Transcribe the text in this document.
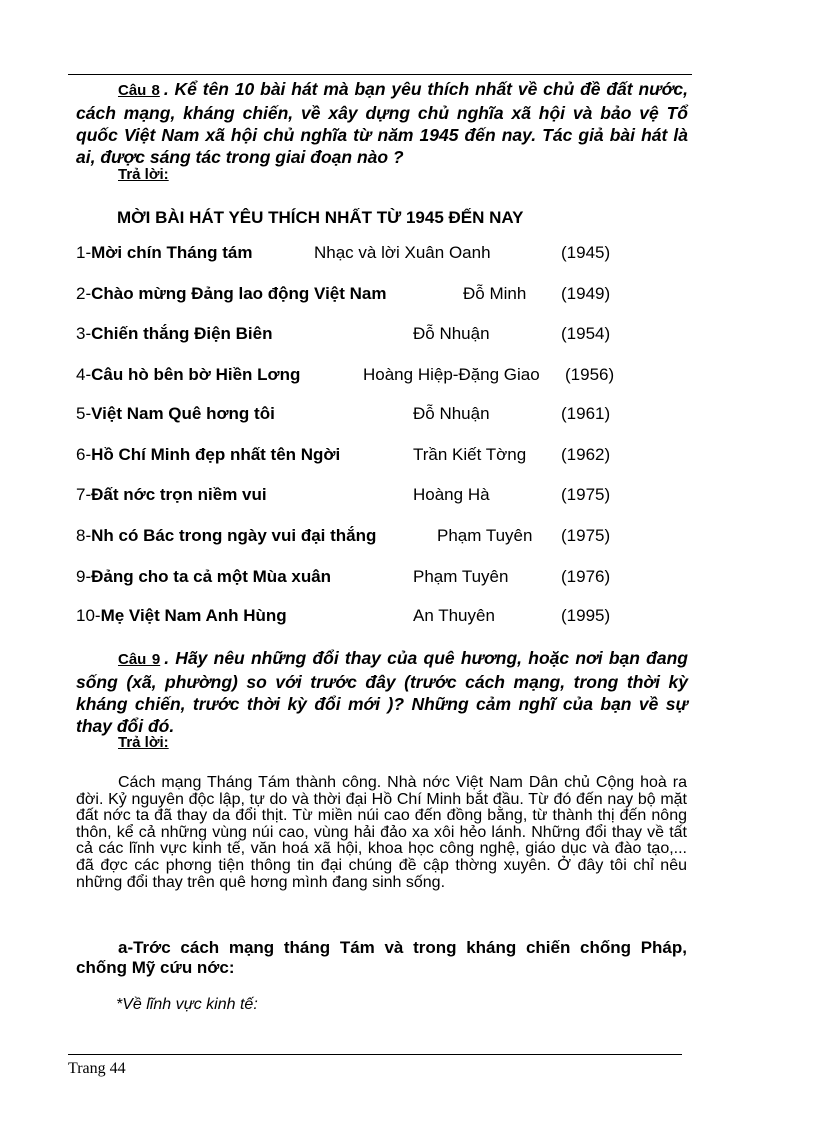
Câu 8 . Kể tên 10 bài hát mà bạn yêu thích nhất về chủ đề đất nước, cách mạng, kháng chiến, về xây dựng chủ nghĩa xã hội và bảo vệ Tổ quốc Việt Nam xã hội chủ nghĩa từ năm 1945 đến nay. Tác giả bài hát là ai, được sáng tác trong giai đoạn nào ?
Trả lời:
MỜI BÀI HÁT YÊU THÍCH NHẤT TỪ 1945 ĐẾN NAY
1-Mời chín Tháng tám	Nhạc và lời Xuân Oanh	(1945)
2-Chào mừng Đảng lao động Việt Nam	Đỗ Minh (1949)
3-Chiến thắng Điện Biên	Đỗ Nhuận	(1954)
4-Câu hò bên bờ Hiền Lơng	Hoàng Hiệp-Đặng Giao (1956)
5-Việt Nam Quê hơng tôi	Đỗ Nhuận	(1961)
6-Hồ Chí Minh đẹp nhất tên Ngời	Trần Kiết Tờng (1962)
7-Đất nớc trọn niềm vui	Hoàng Hà	(1975)
8-Nh có Bác trong ngày vui đại thắng	Phạm Tuyên (1975)
9-Đảng cho ta cả một Mùa xuân	Phạm Tuyên	(1976)
10-Mẹ Việt Nam Anh Hùng	An Thuyên	(1995)
Câu 9 . Hãy nêu những đổi thay của quê hương, hoặc nơi bạn đang sống (xã, phường) so với trước đây (trước cách mạng, trong thời kỳ kháng chiến, trước thời kỳ đổi mới )? Những cảm nghĩ của bạn về sự thay đổi đó.
Trả lời:
Cách mạng Tháng Tám thành công. Nhà nớc Việt Nam Dân chủ Cộng hoà ra đời. Kỷ nguyên độc lập, tự do và thời đại Hồ Chí Minh bắt đầu. Từ đó đến nay bộ mặt đất nớc ta đã thay da đổi thịt. Từ miền núi cao đến đồng bằng, từ thành thị đến nông thôn, kể cả những vùng núi cao, vùng hải đảo xa xôi hẻo lánh. Những đổi thay về tất cả các lĩnh vực kinh tế, văn hoá xã hội, khoa học công nghệ, giáo dục và đào tạo,... đã đợc các phơng tiện thông tin đại chúng đề cập thờng xuyên. Ở đây tôi chỉ nêu những đổi thay trên quê hơng mình đang sinh sống.
a-Trớc cách mạng tháng Tám và trong kháng chiến chống Pháp, chống Mỹ cứu nớc:
*Về lĩnh vực kinh tế:
Trang 44
